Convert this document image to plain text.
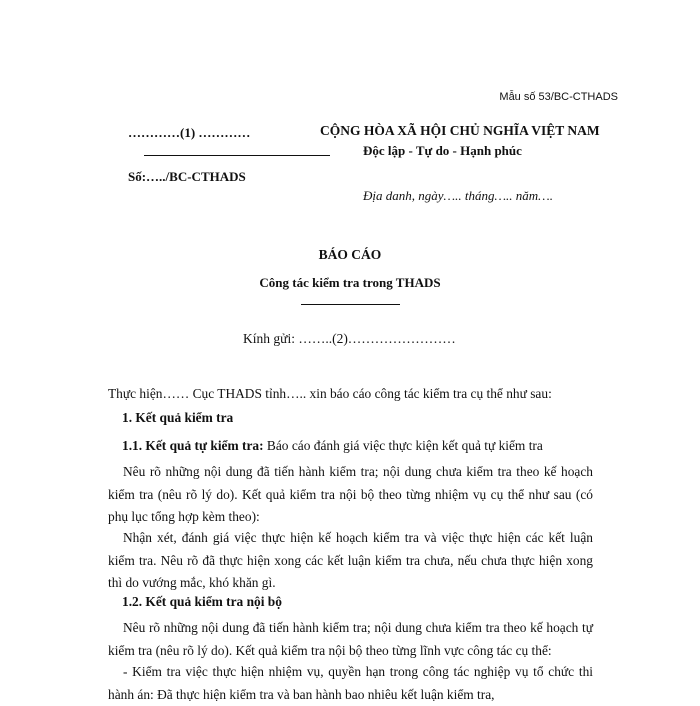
Mẫu số 53/BC-CTHADS
…………(1) …………	CỘNG HÒA XÃ HỘI CHỦ NGHĨA VIỆT NAM
Độc lập - Tự do - Hạnh phúc
Số:…../BC-CTHADS
Địa danh, ngày….. tháng….. năm….
BÁO CÁO
Công tác kiểm tra trong THADS
Kính gửi: ……..(2)……………………
Thực hiện…… Cục THADS tỉnh….. xin báo cáo công tác kiểm tra cụ thể như sau:
1. Kết quả kiểm tra
1.1. Kết quả tự kiểm tra: Báo cáo đánh giá việc thực kiện kết quả tự kiểm tra
Nêu rõ những nội dung đã tiến hành kiểm tra; nội dung chưa kiểm tra theo kế hoạch kiểm tra (nêu rõ lý do). Kết quả kiểm tra nội bộ theo từng nhiệm vụ cụ thể như sau (có phụ lục tổng hợp kèm theo):
Nhận xét, đánh giá việc thực hiện kế hoạch kiểm tra và việc thực hiện các kết luận kiểm tra. Nêu rõ đã thực hiện xong các kết luận kiểm tra chưa, nếu chưa thực hiện xong thì do vướng mắc, khó khăn gì.
1.2. Kết quả kiểm tra nội bộ
Nêu rõ những nội dung đã tiến hành kiểm tra; nội dung chưa kiểm tra theo kế hoạch tự kiểm tra (nêu rõ lý do). Kết quả kiểm tra nội bộ theo từng lĩnh vực công tác cụ thể:
- Kiểm tra việc thực hiện nhiệm vụ, quyền hạn trong công tác nghiệp vụ tổ chức thi hành án: Đã thực hiện kiểm tra và ban hành bao nhiêu kết luận kiểm tra,
